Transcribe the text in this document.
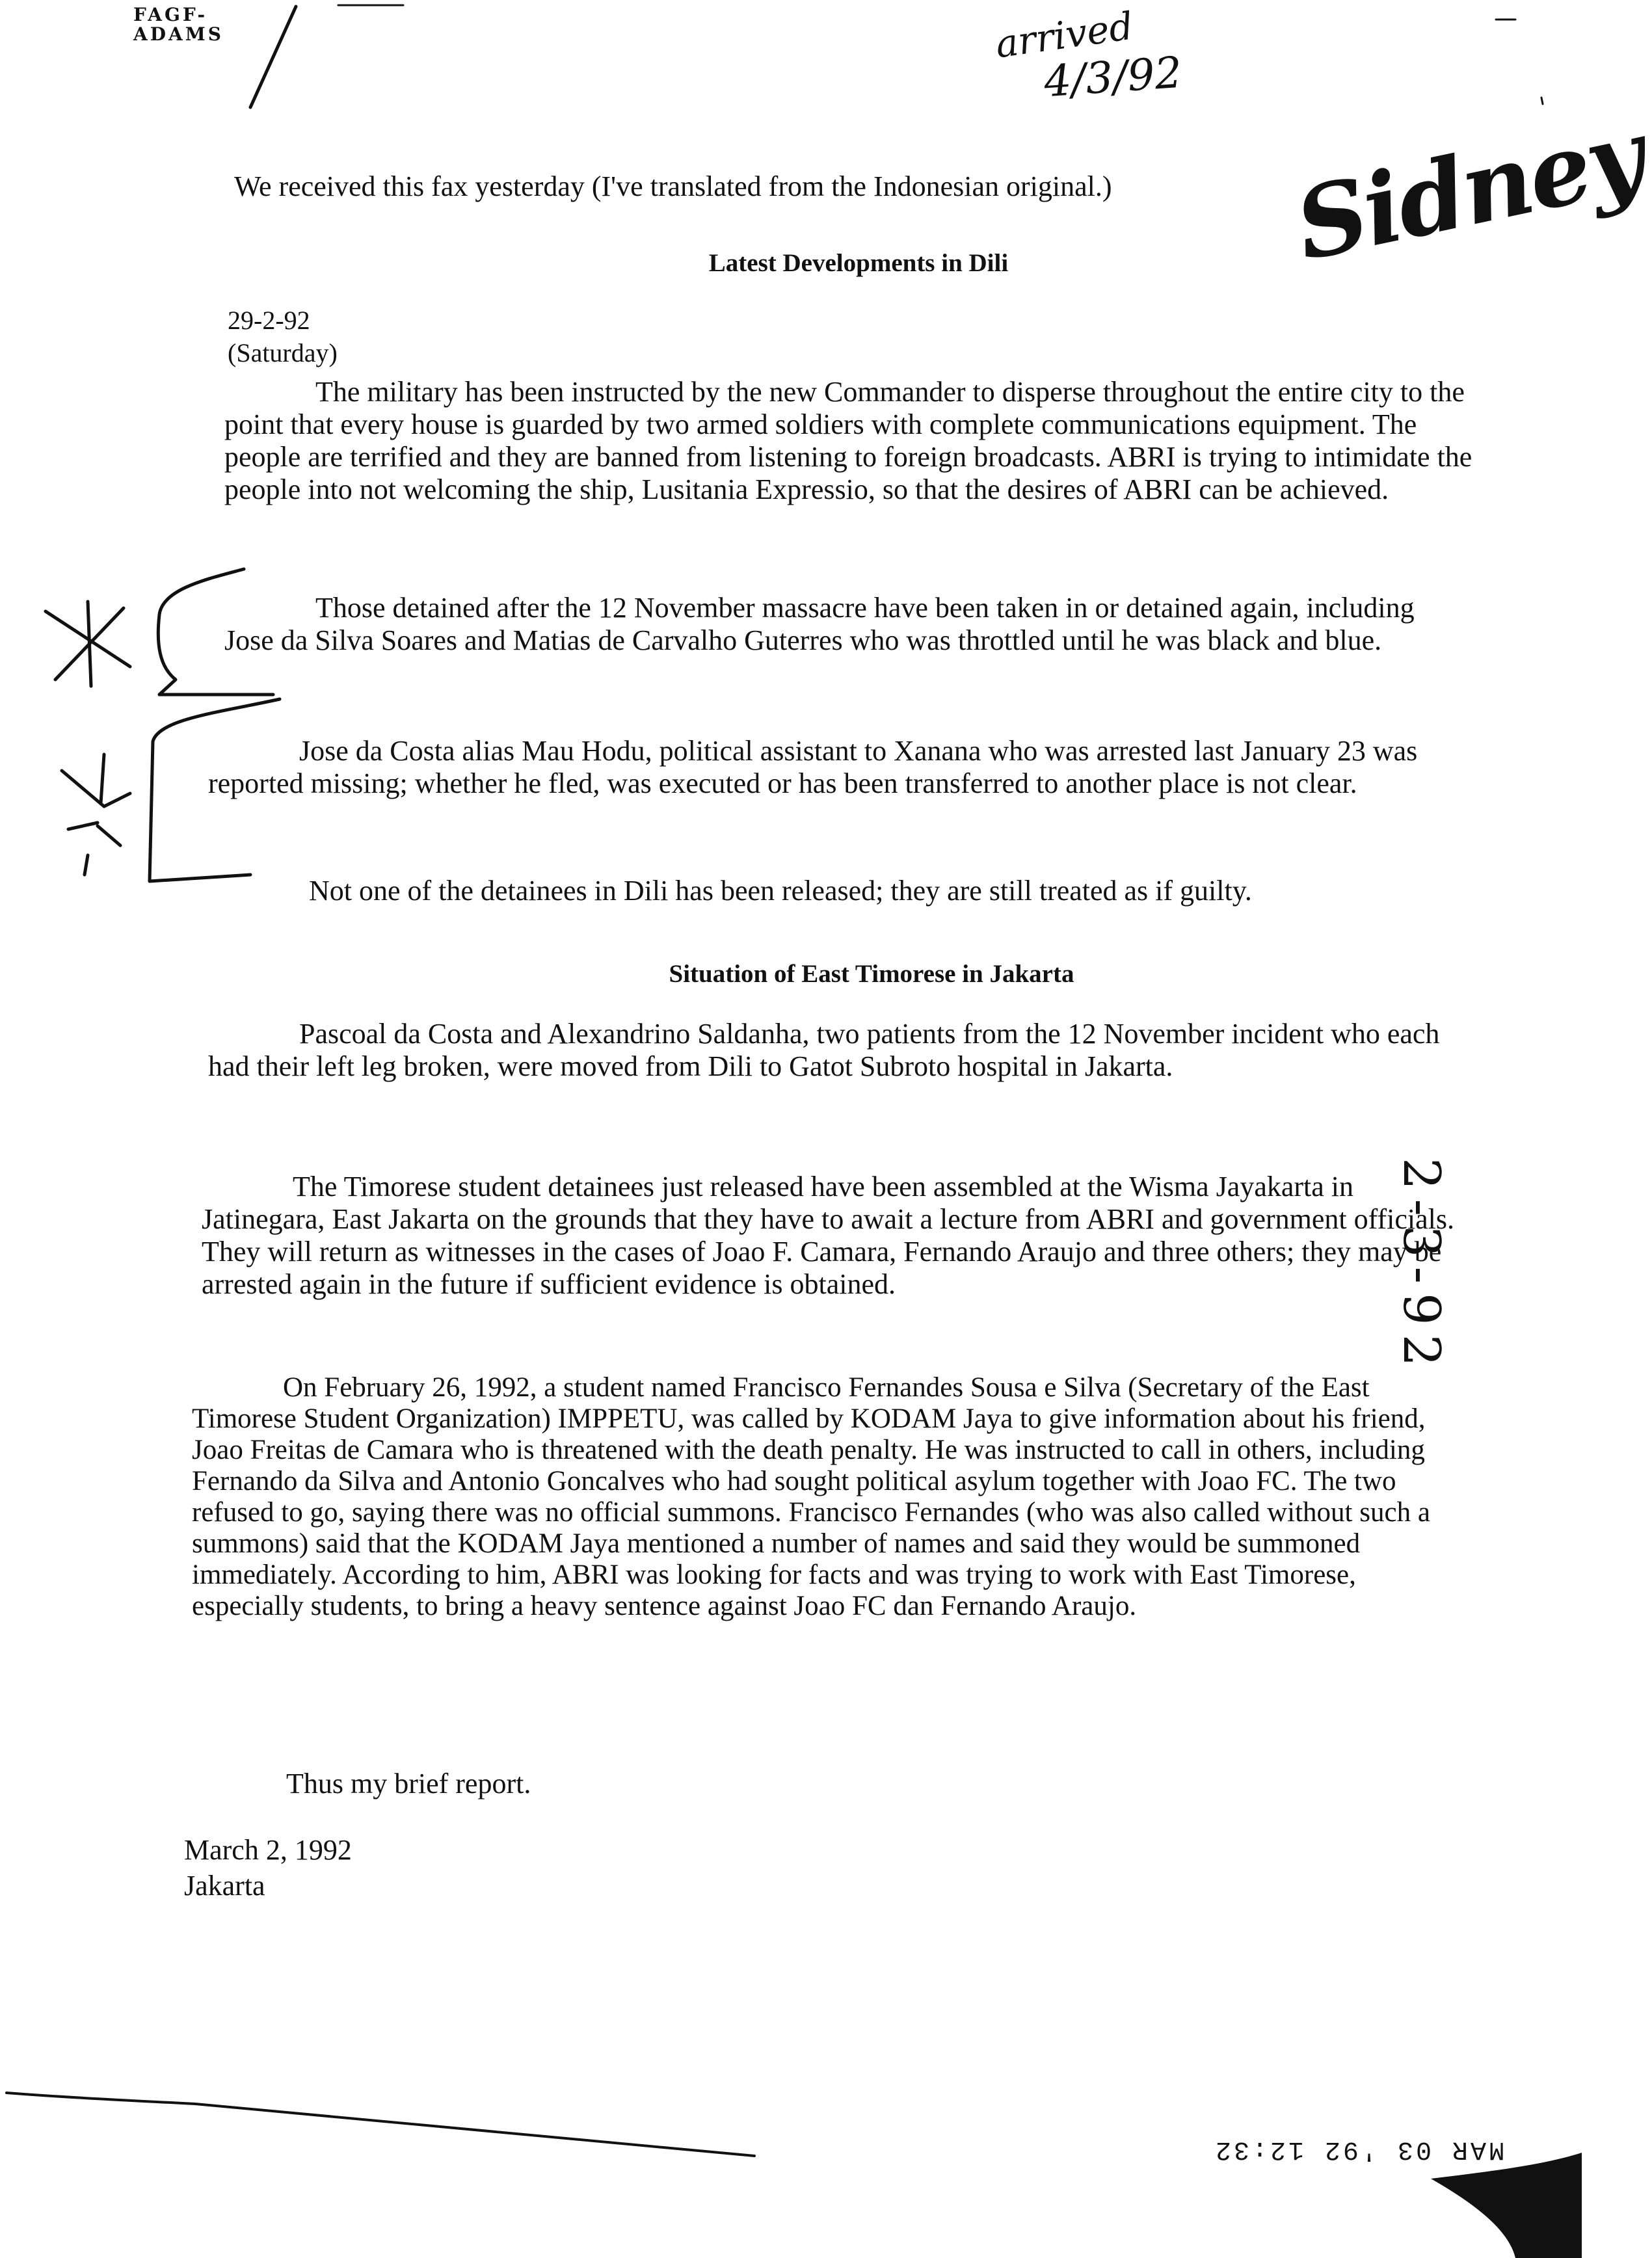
FAGF- ADAMS	arrived
4/3/92
Sidney
2-3-92
We received this fax yesterday (I've translated from the Indonesian original.)
Latest Developments in Dili
29-2-92
(Saturday)

The military has been instructed by the new Commander to disperse throughout the entire city to the point that every house is guarded by two armed soldiers with complete communications equipment. The people are terrified and they are banned from listening to foreign broadcasts. ABRI is trying to intimidate the people into not welcoming the ship, Lusitania Expressio, so that the desires of ABRI can be achieved.

Those detained after the 12 November massacre have been taken in or detained again, including Jose da Silva Soares and Matias de Carvalho Guterres who was throttled until he was black and blue.

Jose da Costa alias Mau Hodu, political assistant to Xanana who was arrested last January 23 was reported missing; whether he fled, was executed or has been transferred to another place is not clear.

Not one of the detainees in Dili has been released; they are still treated as if guilty.

Situation of East Timorese in Jakarta

Pascoal da Costa and Alexandrino Saldanha, two patients from the 12 November incident who each had their left leg broken, were moved from Dili to Gatot Subroto hospital in Jakarta.

The Timorese student detainees just released have been assembled at the Wisma Jayakarta in Jatinegara, East Jakarta on the grounds that they have to await a lecture from ABRI and government officials. They will return as witnesses in the cases of Joao F. Camara, Fernando Araujo and three others; they may be arrested again in the future if sufficient evidence is obtained.

On February 26, 1992, a student named Francisco Fernandes Sousa e Silva (Secretary of the East Timorese Student Organization) IMPPETU, was called by KODAM Jaya to give information about his friend, Joao Freitas de Camara who is threatened with the death penalty. He was instructed to call in others, including Fernando da Silva and Antonio Goncalves who had sought political asylum together with Joao FC. The two refused to go, saying there was no official summons. Francisco Fernandes (who was also called without such a summons) said that the KODAM Jaya mentioned a number of names and said they would be summoned immediately. According to him, ABRI was looking for facts and was trying to work with East Timorese, especially students, to bring a heavy sentence against Joao FC dan Fernando Araujo.

Thus my brief report.
March 2, 1992
Jakarta
MAR 03 '92 12:32
